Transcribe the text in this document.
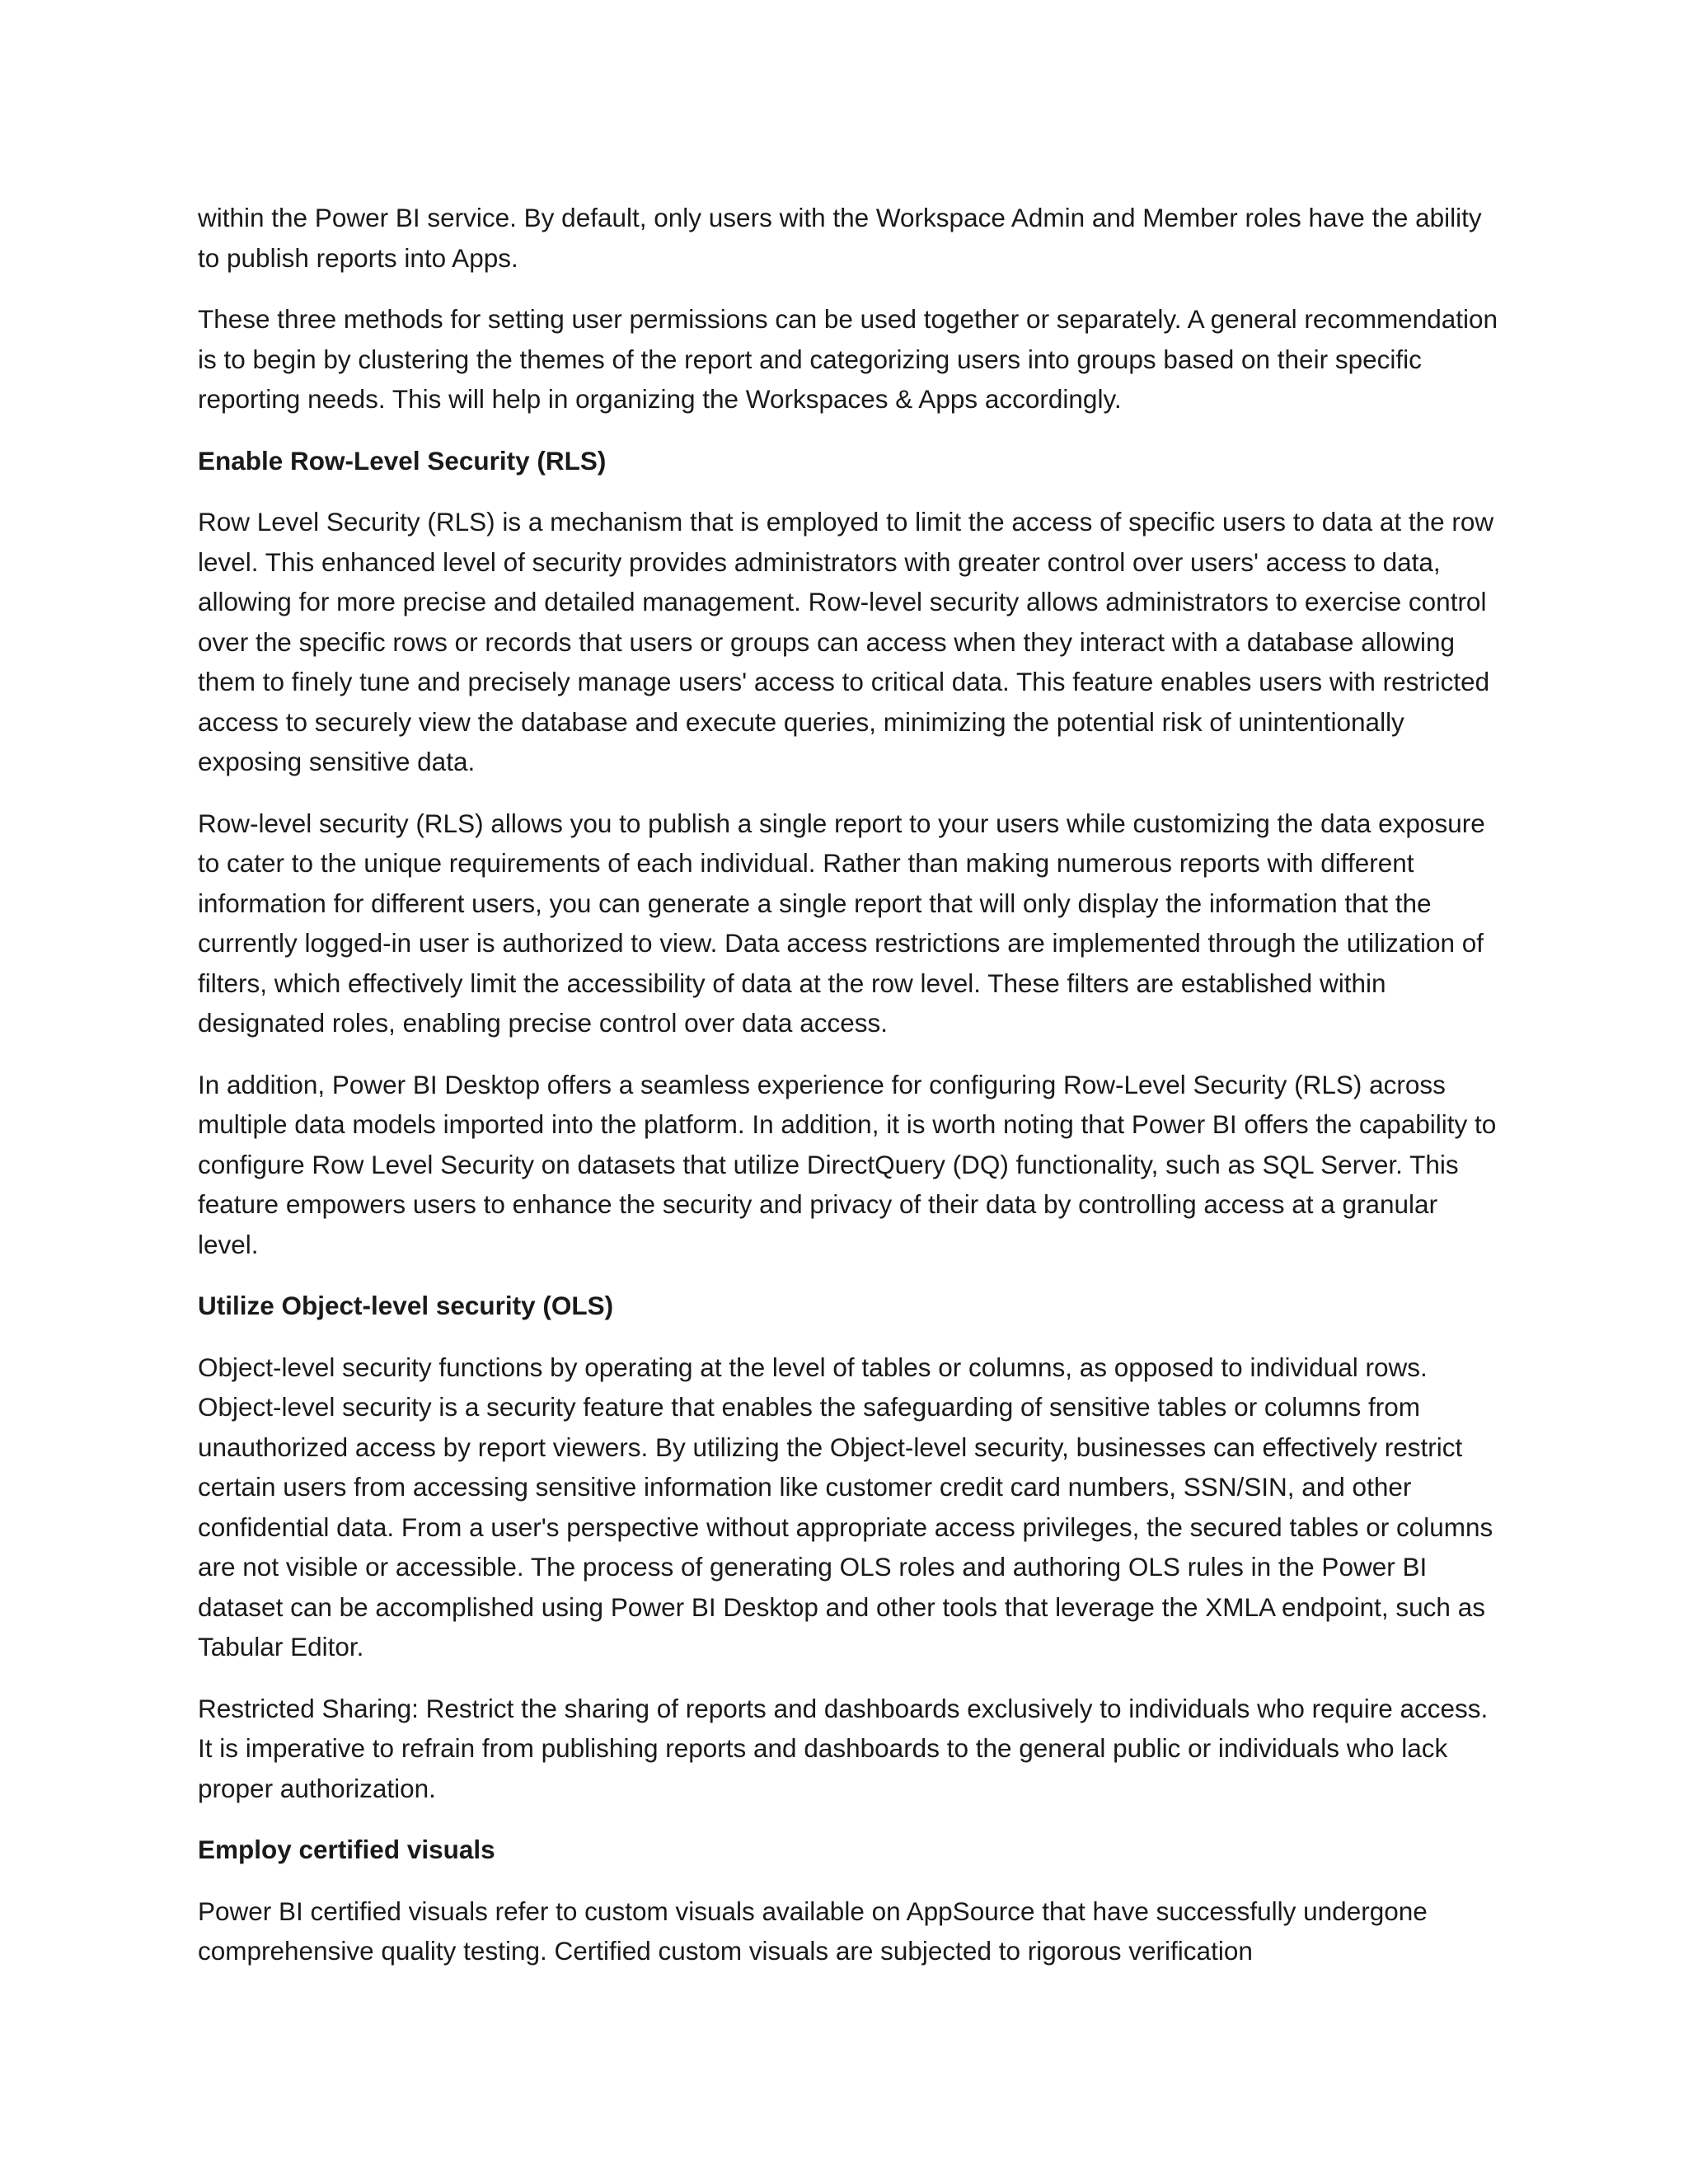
within the Power BI service. By default, only users with the Workspace Admin and Member roles have the ability to publish reports into Apps.

These three methods for setting user permissions can be used together or separately. A general recommendation is to begin by clustering the themes of the report and categorizing users into groups based on their specific reporting needs. This will help in organizing the Workspaces & Apps accordingly.

Enable Row-Level Security (RLS)

Row Level Security (RLS) is a mechanism that is employed to limit the access of specific users to data at the row level. This enhanced level of security provides administrators with greater control over users' access to data, allowing for more precise and detailed management. Row-level security allows administrators to exercise control over the specific rows or records that users or groups can access when they interact with a database allowing them to finely tune and precisely manage users' access to critical data. This feature enables users with restricted access to securely view the database and execute queries, minimizing the potential risk of unintentionally exposing sensitive data.

Row-level security (RLS) allows you to publish a single report to your users while customizing the data exposure to cater to the unique requirements of each individual. Rather than making numerous reports with different information for different users, you can generate a single report that will only display the information that the currently logged-in user is authorized to view. Data access restrictions are implemented through the utilization of filters, which effectively limit the accessibility of data at the row level. These filters are established within designated roles, enabling precise control over data access.

In addition, Power BI Desktop offers a seamless experience for configuring Row-Level Security (RLS) across multiple data models imported into the platform. In addition, it is worth noting that Power BI offers the capability to configure Row Level Security on datasets that utilize DirectQuery (DQ) functionality, such as SQL Server. This feature empowers users to enhance the security and privacy of their data by controlling access at a granular level.

Utilize Object-level security (OLS)

Object-level security functions by operating at the level of tables or columns, as opposed to individual rows. Object-level security is a security feature that enables the safeguarding of sensitive tables or columns from unauthorized access by report viewers. By utilizing the Object-level security, businesses can effectively restrict certain users from accessing sensitive information like customer credit card numbers, SSN/SIN, and other confidential data. From a user's perspective without appropriate access privileges, the secured tables or columns are not visible or accessible. The process of generating OLS roles and authoring OLS rules in the Power BI dataset can be accomplished using Power BI Desktop and other tools that leverage the XMLA endpoint, such as Tabular Editor.

Restricted Sharing: Restrict the sharing of reports and dashboards exclusively to individuals who require access. It is imperative to refrain from publishing reports and dashboards to the general public or individuals who lack proper authorization.

Employ certified visuals

Power BI certified visuals refer to custom visuals available on AppSource that have successfully undergone comprehensive quality testing. Certified custom visuals are subjected to rigorous verification
